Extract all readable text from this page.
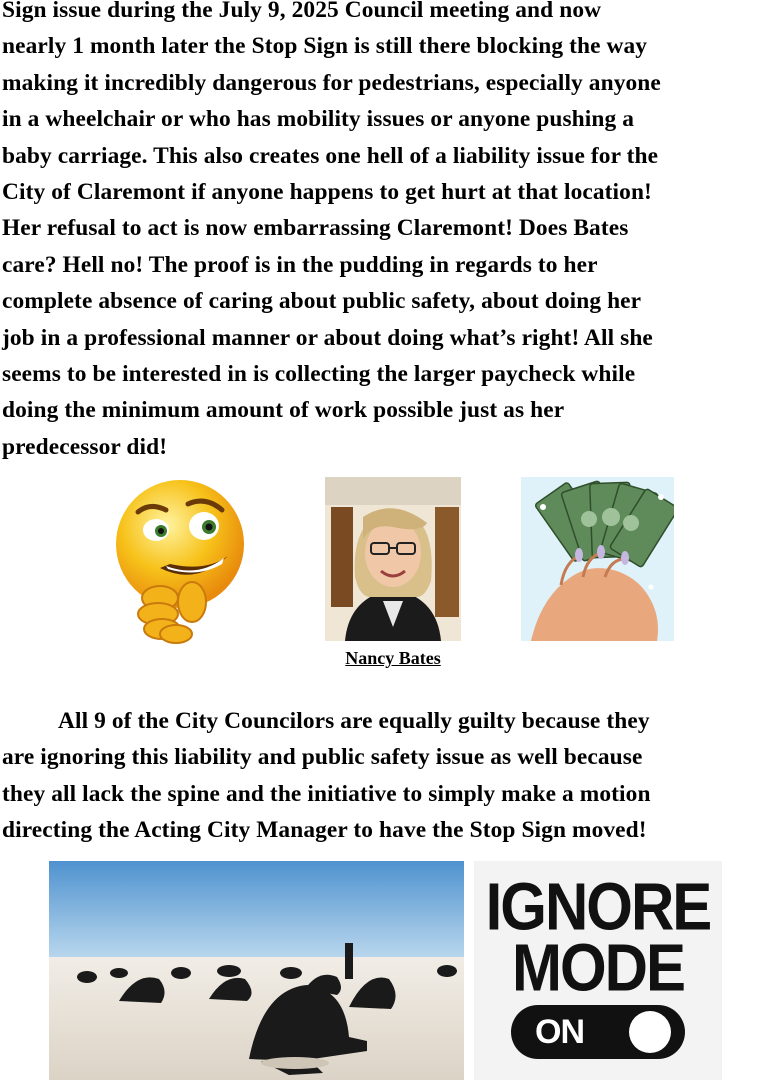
Sign issue during the July 9, 2025 Council meeting and now
nearly 1 month later the Stop Sign is still there blocking the way
making it incredibly dangerous for pedestrians, especially anyone
in a wheelchair or who has mobility issues or anyone pushing a
baby carriage. This also creates one hell of a liability issue for the
City of Claremont if anyone happens to get hurt at that location!
Her refusal to act is now embarrassing Claremont! Does Bates
care? Hell no! The proof is in the pudding in regards to her
complete absence of caring about public safety, about doing her
job in a professional manner or about doing what’s right! All she
seems to be interested in is collecting the larger paycheck while
doing the minimum amount of work possible just as her
predecessor did!
Nancy Bates
All 9 of the City Councilors are equally guilty because they
are ignoring this liability and public safety issue as well because
they all lack the spine and the initiative to simply make a motion
directing the Acting City Manager to have the Stop Sign moved!
IGNORE
MODE
ON
